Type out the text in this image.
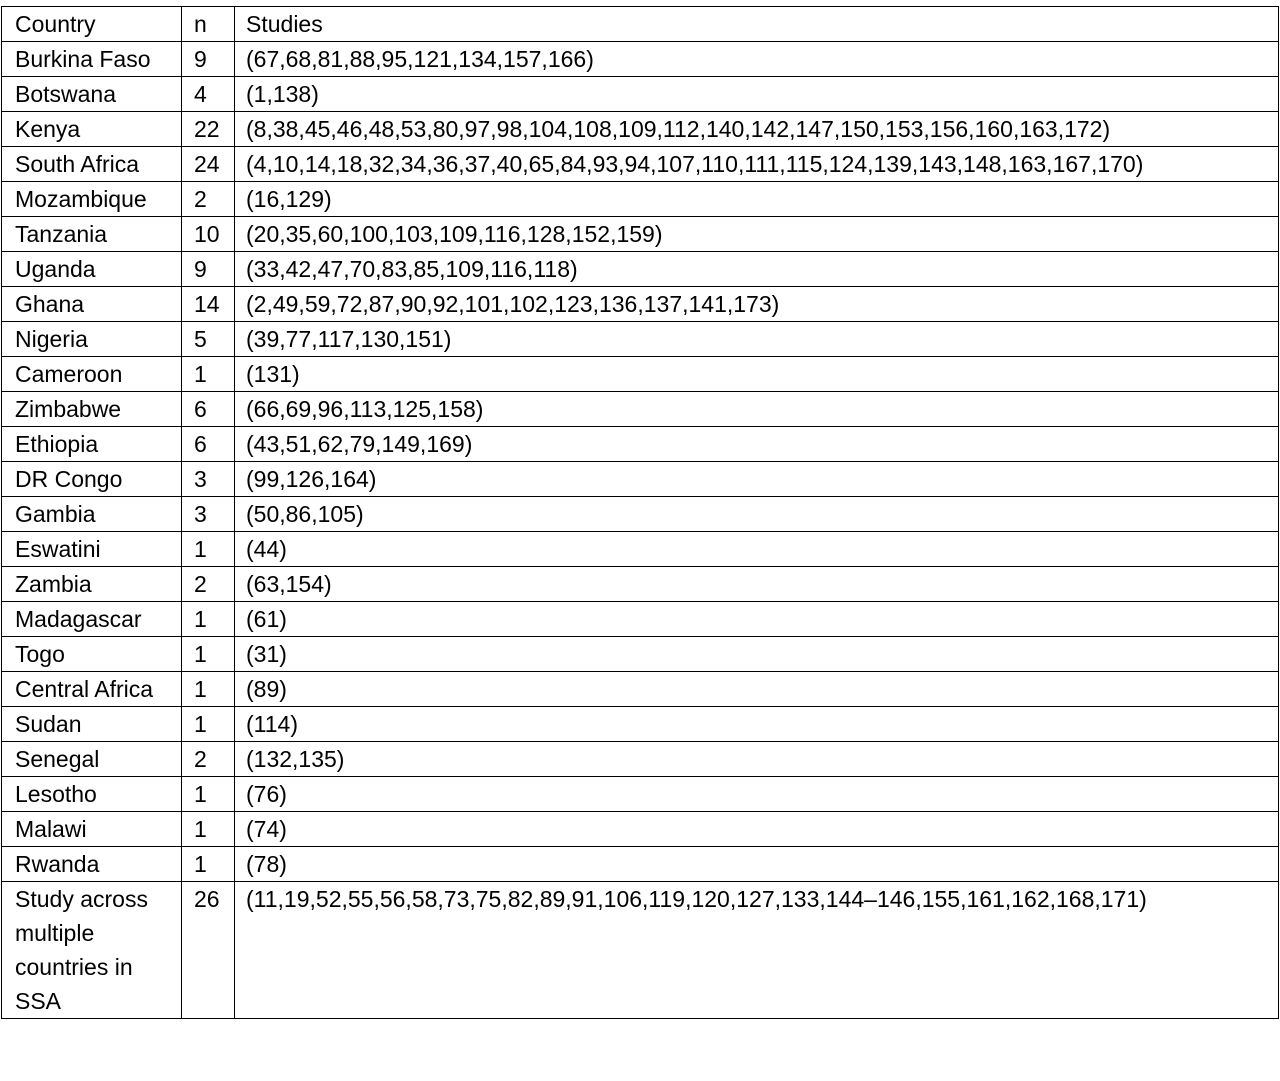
Country	n	Studies
Burkina Faso	9	(67,68,81,88,95,121,134,157,166)
Botswana	4	(1,138)
Kenya	22	(8,38,45,46,48,53,80,97,98,104,108,109,112,140,142,147,150,153,156,160,163,172)
South Africa	24	(4,10,14,18,32,34,36,37,40,65,84,93,94,107,110,111,115,124,139,143,148,163,167,170)
Mozambique	2	(16,129)
Tanzania	10	(20,35,60,100,103,109,116,128,152,159)
Uganda	9	(33,42,47,70,83,85,109,116,118)
Ghana	14	(2,49,59,72,87,90,92,101,102,123,136,137,141,173)
Nigeria	5	(39,77,117,130,151)
Cameroon	1	(131)
Zimbabwe	6	(66,69,96,113,125,158)
Ethiopia	6	(43,51,62,79,149,169)
DR Congo	3	(99,126,164)
Gambia	3	(50,86,105)
Eswatini	1	(44)
Zambia	2	(63,154)
Madagascar	1	(61)
Togo	1	(31)
Central Africa	1	(89)
Sudan	1	(114)
Senegal	2	(132,135)
Lesotho	1	(76)
Malawi	1	(74)
Rwanda	1	(78)
Study across multiple countries in SSA	26	(11,19,52,55,56,58,73,75,82,89,91,106,119,120,127,133,144–146,155,161,162,168,171)
